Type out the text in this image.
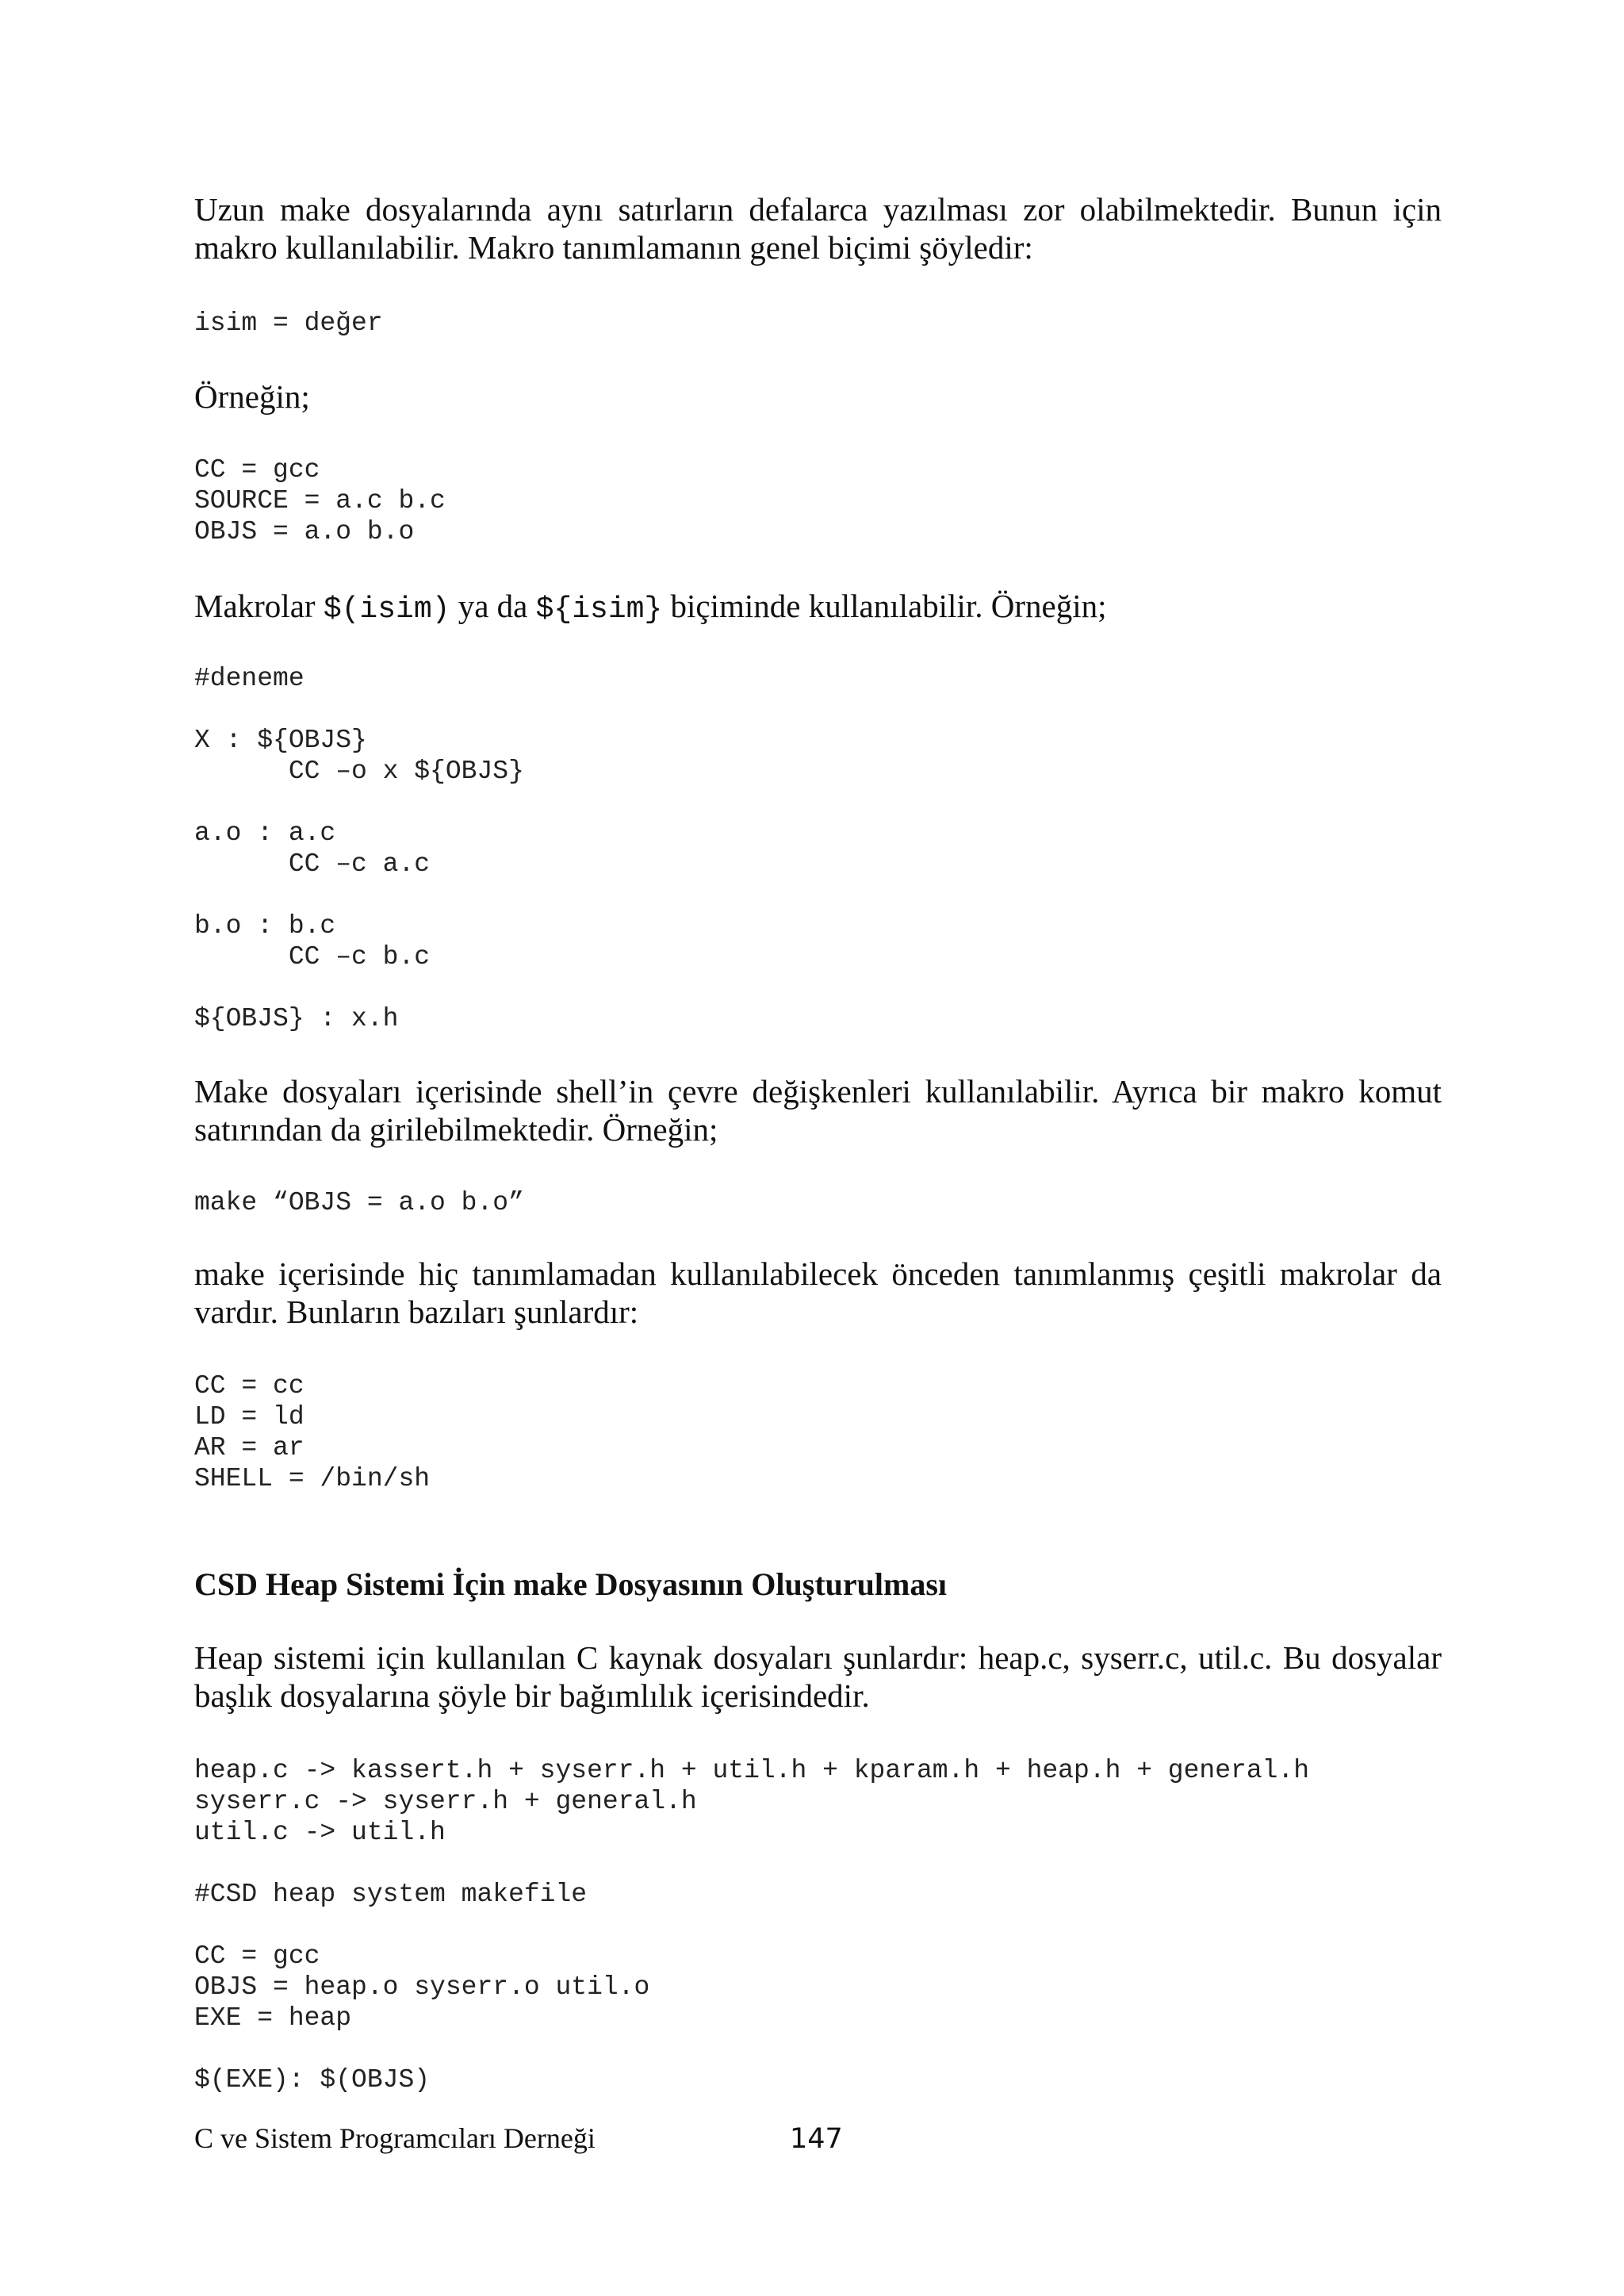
Uzun make dosyalarında aynı satırların defalarca yazılması zor olabilmektedir. Bunun için
makro kullanılabilir. Makro tanımlamanın genel biçimi şöyledir:

isim = değer

Örneğin;

CC = gcc
SOURCE = a.c b.c
OBJS = a.o b.o

Makrolar $(isim) ya da ${isim} biçiminde kullanılabilir. Örneğin;

#deneme

X : ${OBJS}
CC –o x ${OBJS}

a.o : a.c
CC –c a.c

b.o : b.c
CC –c b.c

${OBJS} : x.h

Make dosyaları içerisinde shell’in çevre değişkenleri kullanılabilir. Ayrıca bir makro komut
satırından da girilebilmektedir. Örneğin;

make “OBJS = a.o b.o”

make içerisinde hiç tanımlamadan kullanılabilecek önceden tanımlanmış çeşitli makrolar da
vardır. Bunların bazıları şunlardır:

CC = cc
LD = ld
AR = ar
SHELL = /bin/sh
CSD Heap Sistemi İçin make Dosyasının Oluşturulması

Heap sistemi için kullanılan C kaynak dosyaları şunlardır: heap.c, syserr.c, util.c. Bu dosyalar
başlık dosyalarına şöyle bir bağımlılık içerisindedir.

heap.c -> kassert.h + syserr.h + util.h + kparam.h + heap.h + general.h
syserr.c -> syserr.h + general.h
util.c -> util.h

#CSD heap system makefile

CC = gcc
OBJS = heap.o syserr.o util.o
EXE = heap

$(EXE): $(OBJS)
C ve Sistem Programcıları Derneği	147
